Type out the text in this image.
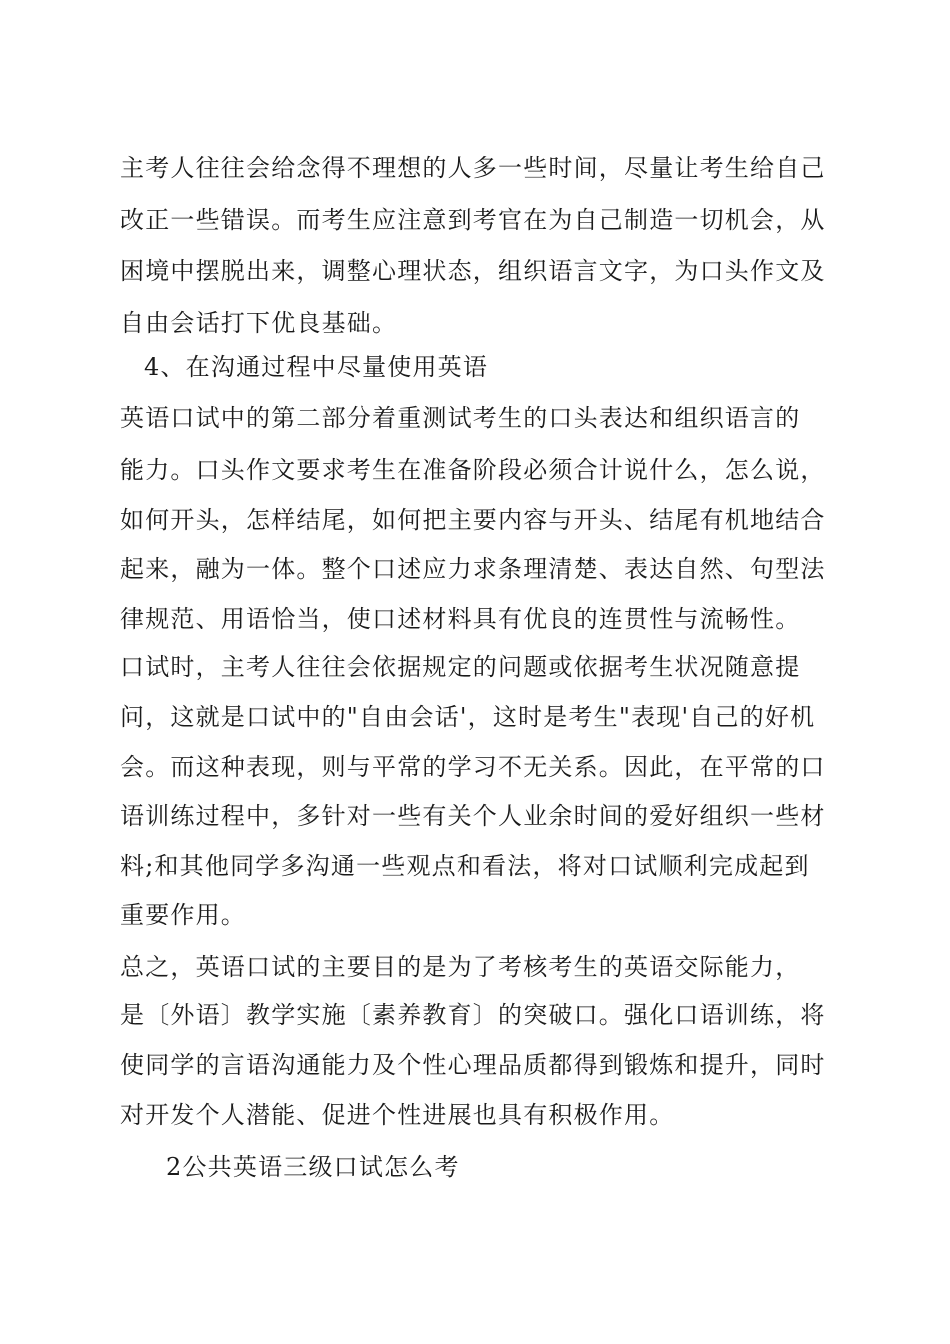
主考人往往会给念得不理想的人多一些时间，尽量让考生给自己
改正一些错误。而考生应注意到考官在为自己制造一切机会，从
困境中摆脱出来，调整心理状态，组织语言文字，为口头作文及
自由会话打下优良基础。
4、在沟通过程中尽量使用英语
英语口试中的第二部分着重测试考生的口头表达和组织语言的
能力。口头作文要求考生在准备阶段必须合计说什么，怎么说，
如何开头，怎样结尾，如何把主要内容与开头、结尾有机地结合
起来，融为一体。整个口述应力求条理清楚、表达自然、句型法
律规范、用语恰当，使口述材料具有优良的连贯性与流畅性。
口试时，主考人往往会依据规定的问题或依据考生状况随意提
问，这就是口试中的"自由会话'，这时是考生"表现'自己的好机
会。而这种表现，则与平常的学习不无关系。因此，在平常的口
语训练过程中，多针对一些有关个人业余时间的爱好组织一些材
料;和其他同学多沟通一些观点和看法，将对口试顺利完成起到
重要作用。
总之，英语口试的主要目的是为了考核考生的英语交际能力，
是〔外语〕教学实施〔素养教育〕的突破口。强化口语训练，将
使同学的言语沟通能力及个性心理品质都得到锻炼和提升，同时
对开发个人潜能、促进个性进展也具有积极作用。
2公共英语三级口试怎么考
